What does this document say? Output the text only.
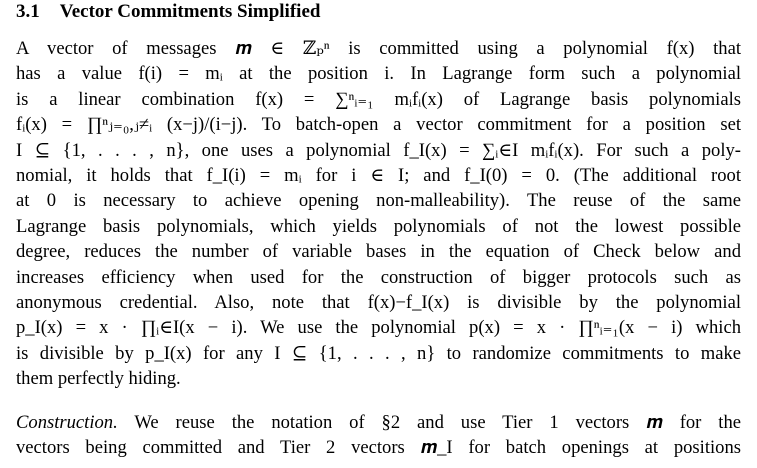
3.1 Vector Commitments Simplified
A vector of messages 𝒎 ∈ ℤₚⁿ is committed using a polynomial f(x) that
has a value f(i) = mᵢ at the position i. In Lagrange form such a polynomial
is a linear combination f(x) = ∑ⁿᵢ₌₁ mᵢfᵢ(x) of Lagrange basis polynomials
fᵢ(x) = ∏ⁿⱼ₌₀,ⱼ≠ᵢ (x−j)/(i−j). To batch-open a vector commitment for a position set
I ⊆ {1, . . . , n}, one uses a polynomial f_I(x) = ∑ᵢ∈I mᵢfᵢ(x). For such a poly-
nomial, it holds that f_I(i) = mᵢ for i ∈ I; and f_I(0) = 0. (The additional root
at 0 is necessary to achieve opening non-malleability). The reuse of the same
Lagrange basis polynomials, which yields polynomials of not the lowest possible
degree, reduces the number of variable bases in the equation of Check below and
increases efficiency when used for the construction of bigger protocols such as
anonymous credential. Also, note that f(x)−f_I(x) is divisible by the polynomial
p_I(x) = x · ∏ᵢ∈I(x − i). We use the polynomial p(x) = x · ∏ⁿᵢ₌₁(x − i) which
is divisible by p_I(x) for any I ⊆ {1, . . . , n} to randomize commitments to make
them perfectly hiding.
Construction. We reuse the notation of §2 and use Tier 1 vectors 𝒎 for the
vectors being committed and Tier 2 vectors 𝒎_I for batch openings at positions
